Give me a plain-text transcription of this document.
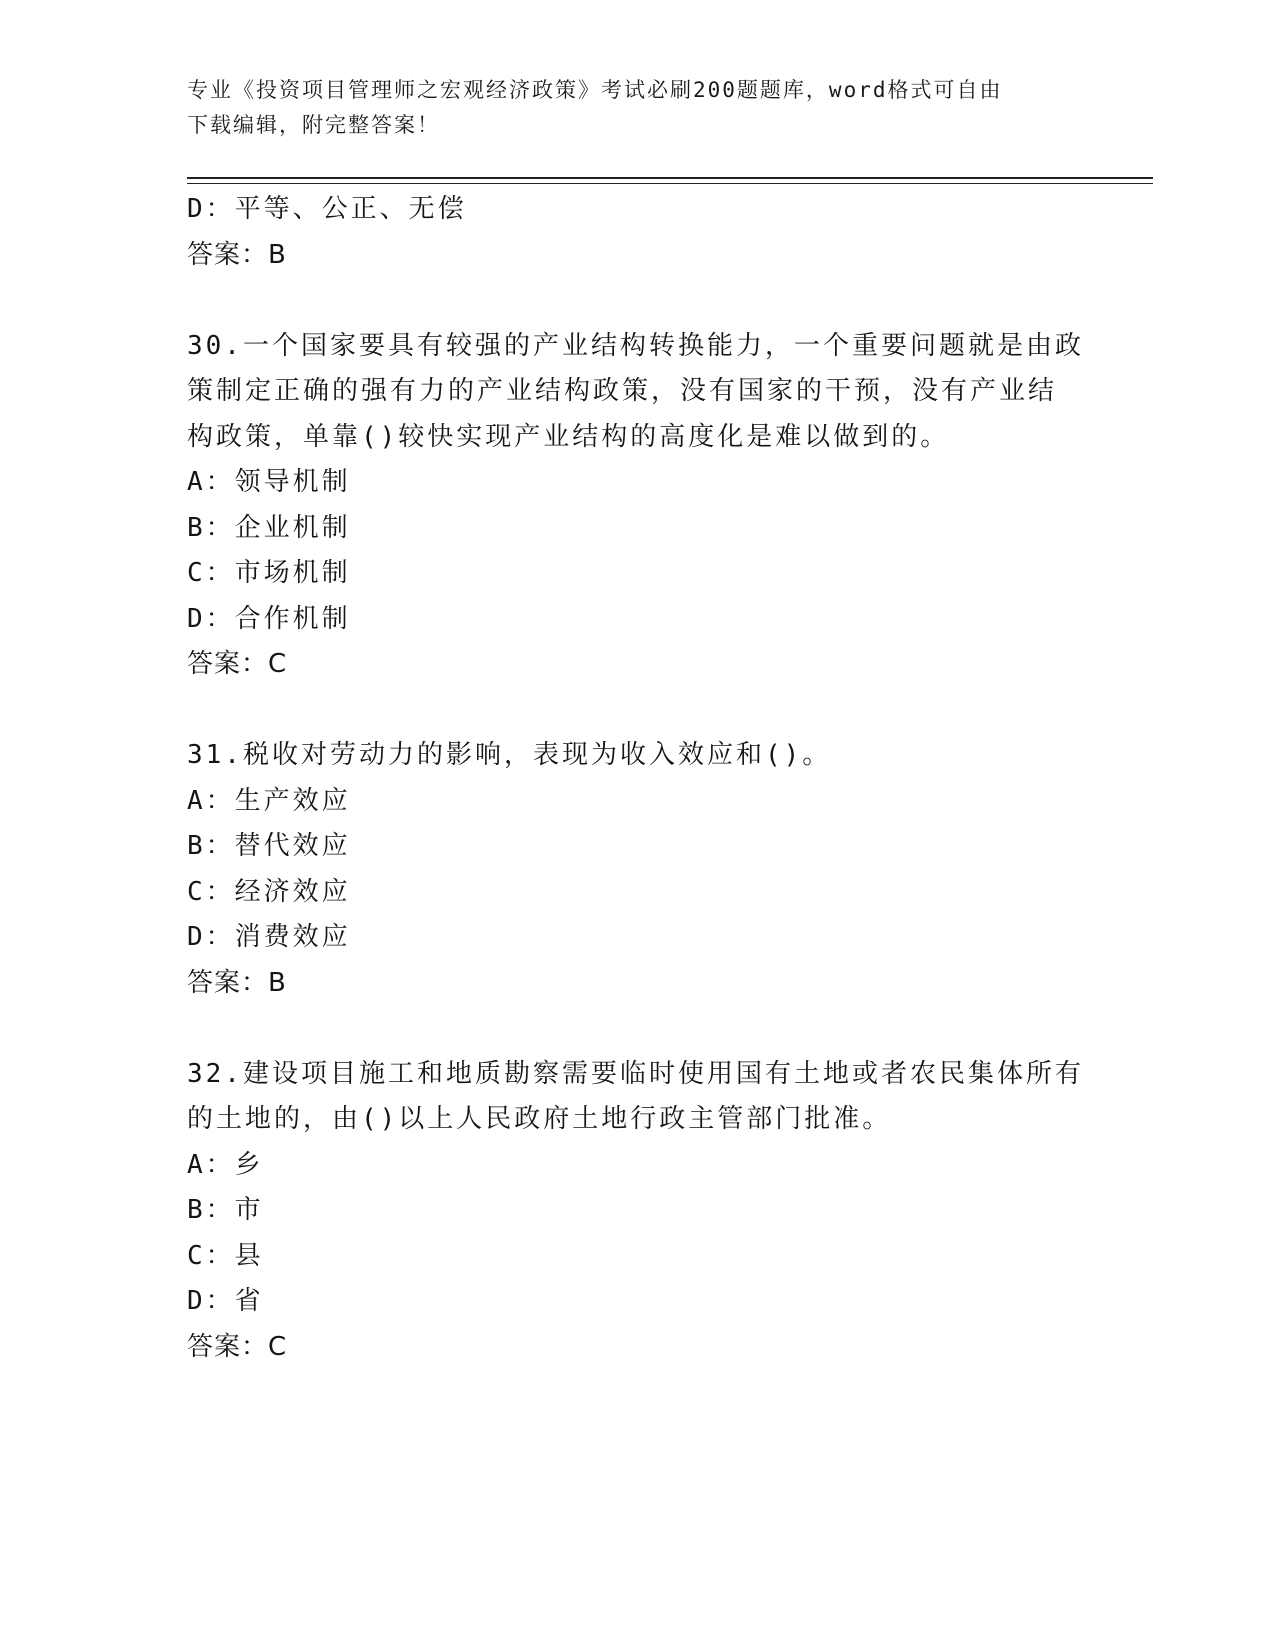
专业《投资项目管理师之宏观经济政策》考试必刷200题题库，word格式可自由
下载编辑，附完整答案！
D：平等、公正、无偿
答案：B
30.一个国家要具有较强的产业结构转换能力，一个重要问题就是由政
策制定正确的强有力的产业结构政策，没有国家的干预，没有产业结
构政策，单靠()较快实现产业结构的高度化是难以做到的。
A：领导机制
B：企业机制
C：市场机制
D：合作机制
答案：C
31.税收对劳动力的影响，表现为收入效应和()。
A：生产效应
B：替代效应
C：经济效应
D：消费效应
答案：B
32.建设项目施工和地质勘察需要临时使用国有土地或者农民集体所有
的土地的，由()以上人民政府土地行政主管部门批准。
A：乡
B：市
C：县
D：省
答案：C
